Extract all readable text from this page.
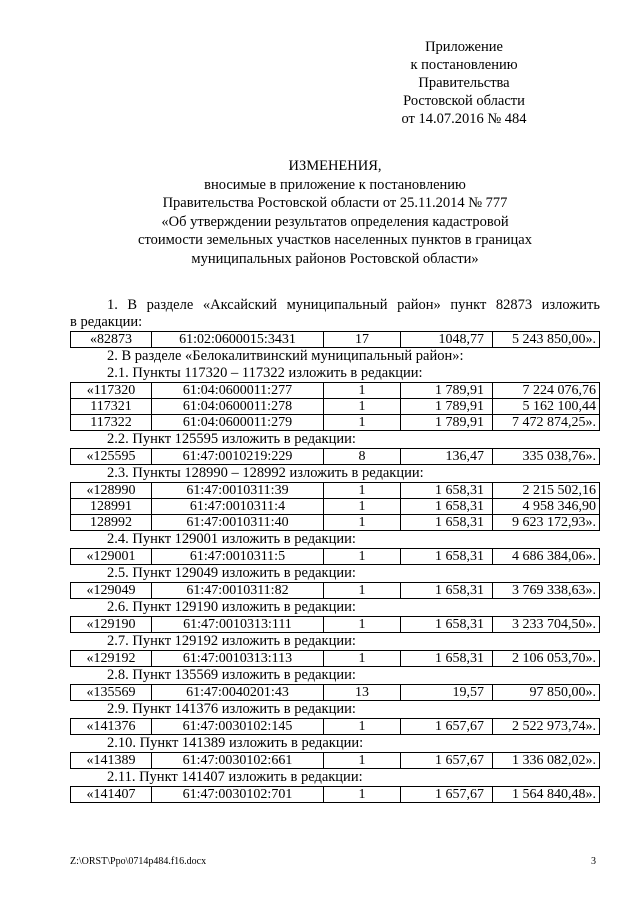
Приложение
к постановлению
Правительства
Ростовской области
от 14.07.2016 № 484
ИЗМЕНЕНИЯ,
вносимые в приложение к постановлению
Правительства Ростовской области от 25.11.2014 № 777
«Об утверждении результатов определения кадастровой
стоимости земельных участков населенных пунктов в границах
муниципальных районов Ростовской области»
1. В разделе «Аксайский муниципальный район» пункт 82873 изложить
в редакции:
«82873	61:02:0600015:3431	17	1048,77	5 243 850,00».
2. В разделе «Белокалитвинский муниципальный район»:
2.1. Пункты 117320 – 117322 изложить в редакции:
«117320	61:04:0600011:277	1	1 789,91	7 224 076,76
117321	61:04:0600011:278	1	1 789,91	5 162 100,44
117322	61:04:0600011:279	1	1 789,91	7 472 874,25».
2.2. Пункт 125595 изложить в редакции:
«125595	61:47:0010219:229	8	136,47	335 038,76».
2.3. Пункты 128990 – 128992 изложить в редакции:
«128990	61:47:0010311:39	1	1 658,31	2 215 502,16
128991	61:47:0010311:4	1	1 658,31	4 958 346,90
128992	61:47:0010311:40	1	1 658,31	9 623 172,93».
2.4. Пункт 129001 изложить в редакции:
«129001	61:47:0010311:5	1	1 658,31	4 686 384,06».
2.5. Пункт 129049 изложить в редакции:
«129049	61:47:0010311:82	1	1 658,31	3 769 338,63».
2.6. Пункт 129190 изложить в редакции:
«129190	61:47:0010313:111	1	1 658,31	3 233 704,50».
2.7. Пункт 129192 изложить в редакции:
«129192	61:47:0010313:113	1	1 658,31	2 106 053,70».
2.8. Пункт 135569 изложить в редакции:
«135569	61:47:0040201:43	13	19,57	97 850,00».
2.9. Пункт 141376 изложить в редакции:
«141376	61:47:0030102:145	1	1 657,67	2 522 973,74».
2.10. Пункт 141389 изложить в редакции:
«141389	61:47:0030102:661	1	1 657,67	1 336 082,02».
2.11. Пункт 141407 изложить в редакции:
«141407	61:47:0030102:701	1	1 657,67	1 564 840,48».
Z:\ORST\Ppo\0714p484.f16.docx	3
